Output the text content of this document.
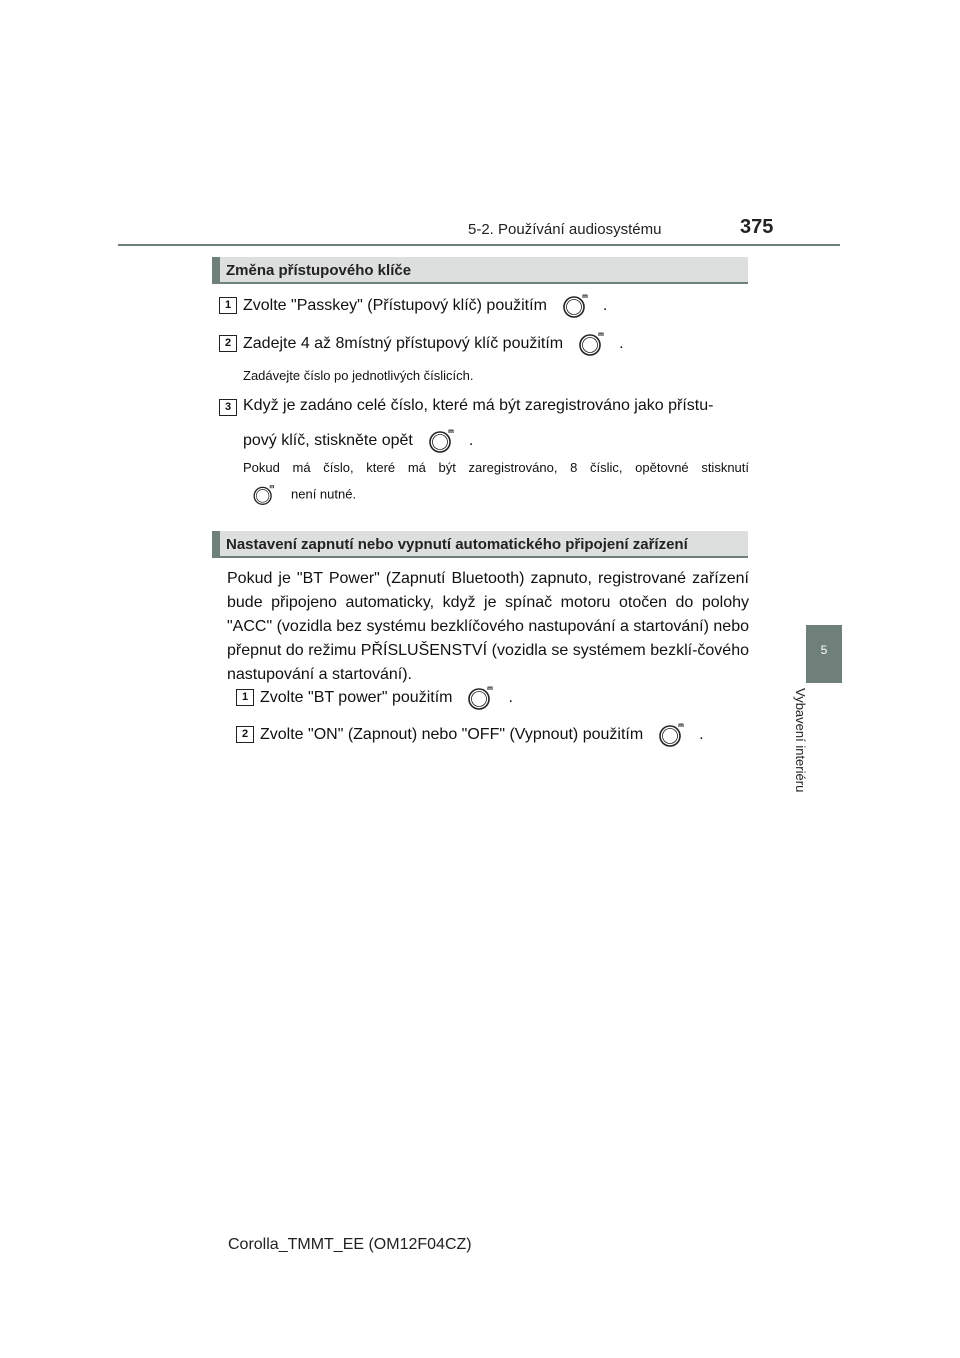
5-2. Používání audiosystému	375
5
Vybavení interiéru
Změna přístupového klíče
1 Zvolte "Passkey" (Přístupový klíč) použitím	.
2 Zadejte 4 až 8místný přístupový klíč použitím	.
Zadávejte číslo po jednotlivých číslicích.
3 Když je zadáno celé číslo, které má být zaregistrováno jako přístu-
pový klíč, stiskněte opět	.
Pokud má číslo, které má být zaregistrováno, 8 číslic, opětovné stisknutí
není nutné.
Nastavení zapnutí nebo vypnutí automatického připojení zařízení
Pokud je "BT Power" (Zapnutí Bluetooth) zapnuto, registrované zařízení bude připojeno automaticky, když je spínač motoru otočen do polohy "ACC" (vozidla bez systému bezklíčového nastupování a startování) nebo přepnut do režimu PŘÍSLUŠENSTVÍ (vozidla se systémem bezklí-čového nastupování a startování).
1 Zvolte "BT power" použitím	.
2 Zvolte "ON" (Zapnout) nebo "OFF" (Vypnout) použitím	.
Corolla_TMMT_EE (OM12F04CZ)
